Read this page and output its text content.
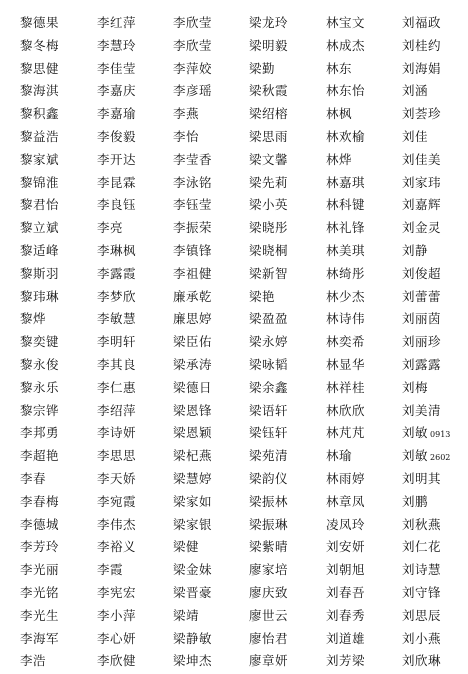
黎德果
黎冬梅
黎思健
黎海淇
黎积鑫
黎益浩
黎家斌
黎锦淮
黎君怡
黎立斌
黎适峰
黎斯羽
黎玮琳
黎烨
黎奕键
黎永俊
黎永乐
黎宗铧
李邦勇
李超艳
李春
李春梅
李德城
李芳玲
李光丽
李光铭
李光生
李海军
李浩
李红萍
李慧玲
李佳莹
李嘉庆
李嘉瑜
李俊毅
李开达
李昆霖
李良钰
李亮
李琳枫
李露霞
李梦欣
李敏慧
李明轩
李其良
李仁惠
李绍萍
李诗妍
李思思
李天娇
李宛霞
李伟杰
李裕义
李霞
李宪宏
李小萍
李心妍
李欣健
李欣莹
李欣莹
李萍姣
李彦瑶
李燕
李怡
李莹香
李泳铭
李钰莹
李振荣
李镇锋
李祖健
廉承乾
廉思婷
梁臣佑
梁承涛
梁德日
梁恩锋
梁恩颖
梁杞燕
梁慧婷
梁家如
梁家银
梁健
梁金妹
梁晋豪
梁靖
梁静敏
梁坤杰
梁龙玲
梁明毅
梁勤
梁秋霞
梁绍榕
梁思雨
梁文馨
梁先莉
梁小英
梁晓彤
梁晓桐
梁新智
梁艳
梁盈盈
梁永婷
梁咏韬
梁余鑫
梁语轩
梁钰轩
梁苑清
梁韵仪
梁振林
梁振琳
梁紫晴
廖家培
廖庆致
廖世云
廖怡君
廖章妍
林宝文
林成杰
林东
林东怡
林枫
林欢榆
林烨
林嘉琪
林科键
林礼锋
林美琪
林绮彤
林少杰
林诗伟
林奕希
林显华
林祥桂
林欣欣
林芃芃
林瑜
林雨婷
林章凤
凌凤玲
刘安妍
刘朝旭
刘春吾
刘春秀
刘道雄
刘芳梁
刘福政
刘桂约
刘海娟
刘涵
刘荟珍
刘佳
刘佳美
刘家玮
刘嘉辉
刘金灵
刘静
刘俊超
刘蕾蕾
刘丽茵
刘丽珍
刘露露
刘梅
刘美清
刘敏 0913
刘敏 2602
刘明其
刘鹏
刘秋燕
刘仁花
刘诗慧
刘守锋
刘思辰
刘小燕
刘欣琳
